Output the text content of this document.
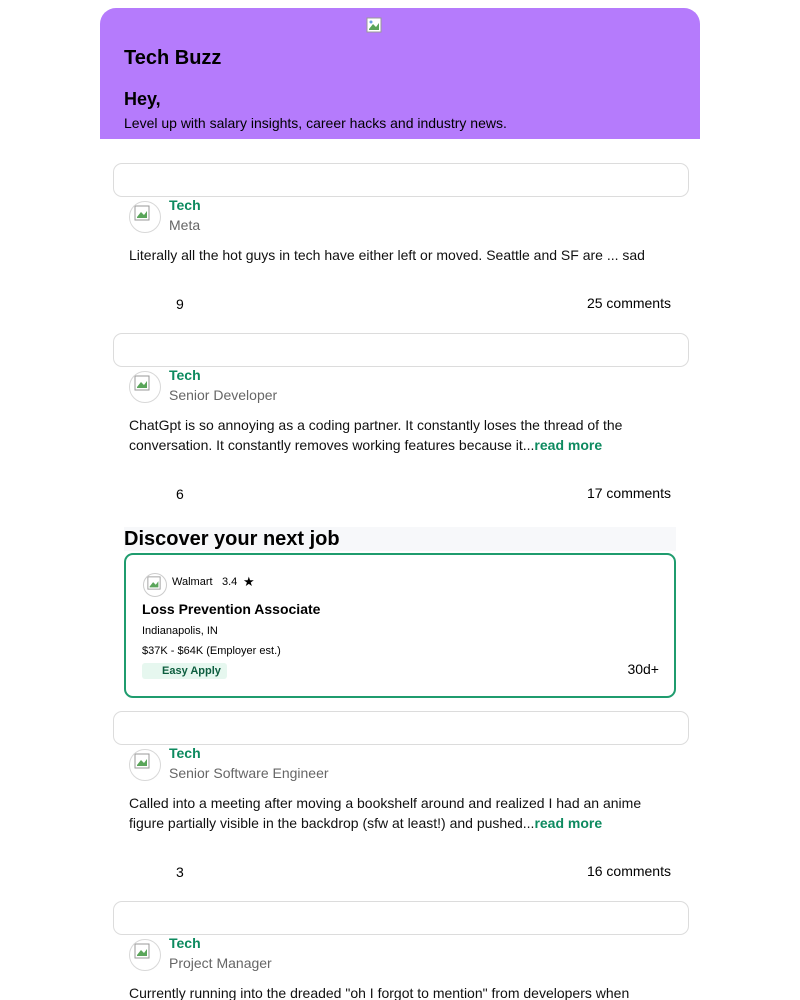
Tech Buzz
Hey,
Level up with salary insights, career hacks and industry news.
Tech
Meta
Literally all the hot guys in tech have either left or moved. Seattle and SF are ... sad
9	25 comments
Tech
Senior Developer
ChatGpt is so annoying as a coding partner. It constantly loses the thread of the conversation. It constantly removes working features because it...read more
6	17 comments
Discover your next job
Walmart 3.4 ★
Loss Prevention Associate
Indianapolis, IN
$37K - $64K (Employer est.)
Easy Apply	30d+
Tech
Senior Software Engineer
Called into a meeting after moving a bookshelf around and realized I had an anime figure partially visible in the backdrop (sfw at least!) and pushed...read more
3	16 comments
Tech
Project Manager
Currently running into the dreaded "oh I forgot to mention" from developers when
